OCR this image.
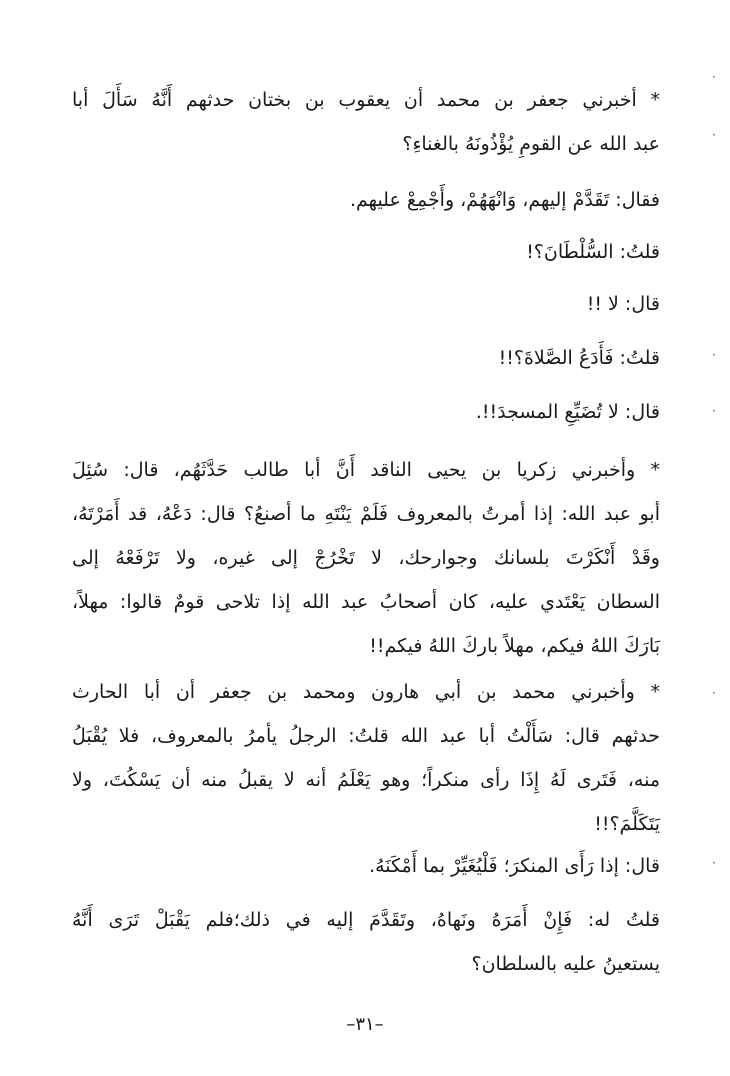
* أخبرني جعفر بن محمد أن يعقوب بن بختان حدثهم أَنَّهُ سَأَلَ أبا
عبد الله عن القومِ يُؤْذُونَهُ بالغناءِ؟
فقال: تَقَدَّمْ إليهم، وَانْهَهُمْ، وأَجْمِعْ عليهم.
قلتُ: السُّلْطَانَ؟!
قال: لا !!
قلتُ: فَأَدَعُ الصَّلاةَ؟!!
قال: لا تُضَيِّعِ المسجدَ!!.
* وأخبرني زكريا بن يحيى الناقد أَنَّ أبا طالب حَدَّثَهُم، قال: سُئِلَ
أبو عبد الله: إذا أمرتُ بالمعروف فَلَمْ يَنْتَهِ ما أصنعُ؟ قال: دَعْهُ، قد أَمَرْتَهُ،
وقَدْ أَنْكَرْتَ بلسانك وجوارحك، لا تَخْرُجْ إلى غيره، ولا تَرْفَعْهُ إلى
السطان يَعْتَدي عليه، كان أصحابُ عبد الله إذا تلاحى قومٌ قالوا: مهلاً،
بَارَكَ اللهُ فيكم، مهلاً باركَ اللهُ فيكم!!
* وأخبرني محمد بن أبي هارون ومحمد بن جعفر أن أبا الحارث
حدثهم قال: سَأَلْتُ أبا عبد الله قلتُ: الرجلُ يأمرُ بالمعروف، فلا يُقْبَلُ
منه، فَتَرى لَهُ إِذَا رأى منكراً؛ وهو يَعْلَمُ أنه لا يقبلُ منه أن يَسْكُتَ، ولا
يَتَكَلَّمَ؟!!
قال: إذا رَأَى المنكرَ؛ فَلْيُغَيِّرْ بما أَمْكَنَهُ.
قلتُ له: فَإِنْ أَمَرَهُ ونَهاهُ، وتَقَدَّمَ إليه في ذلك؛فلم يَقْبَلْ تَرَى أَنَّهُ
يستعينُ عليه بالسلطان؟
–٣١–
·
·
·
·
·
·
